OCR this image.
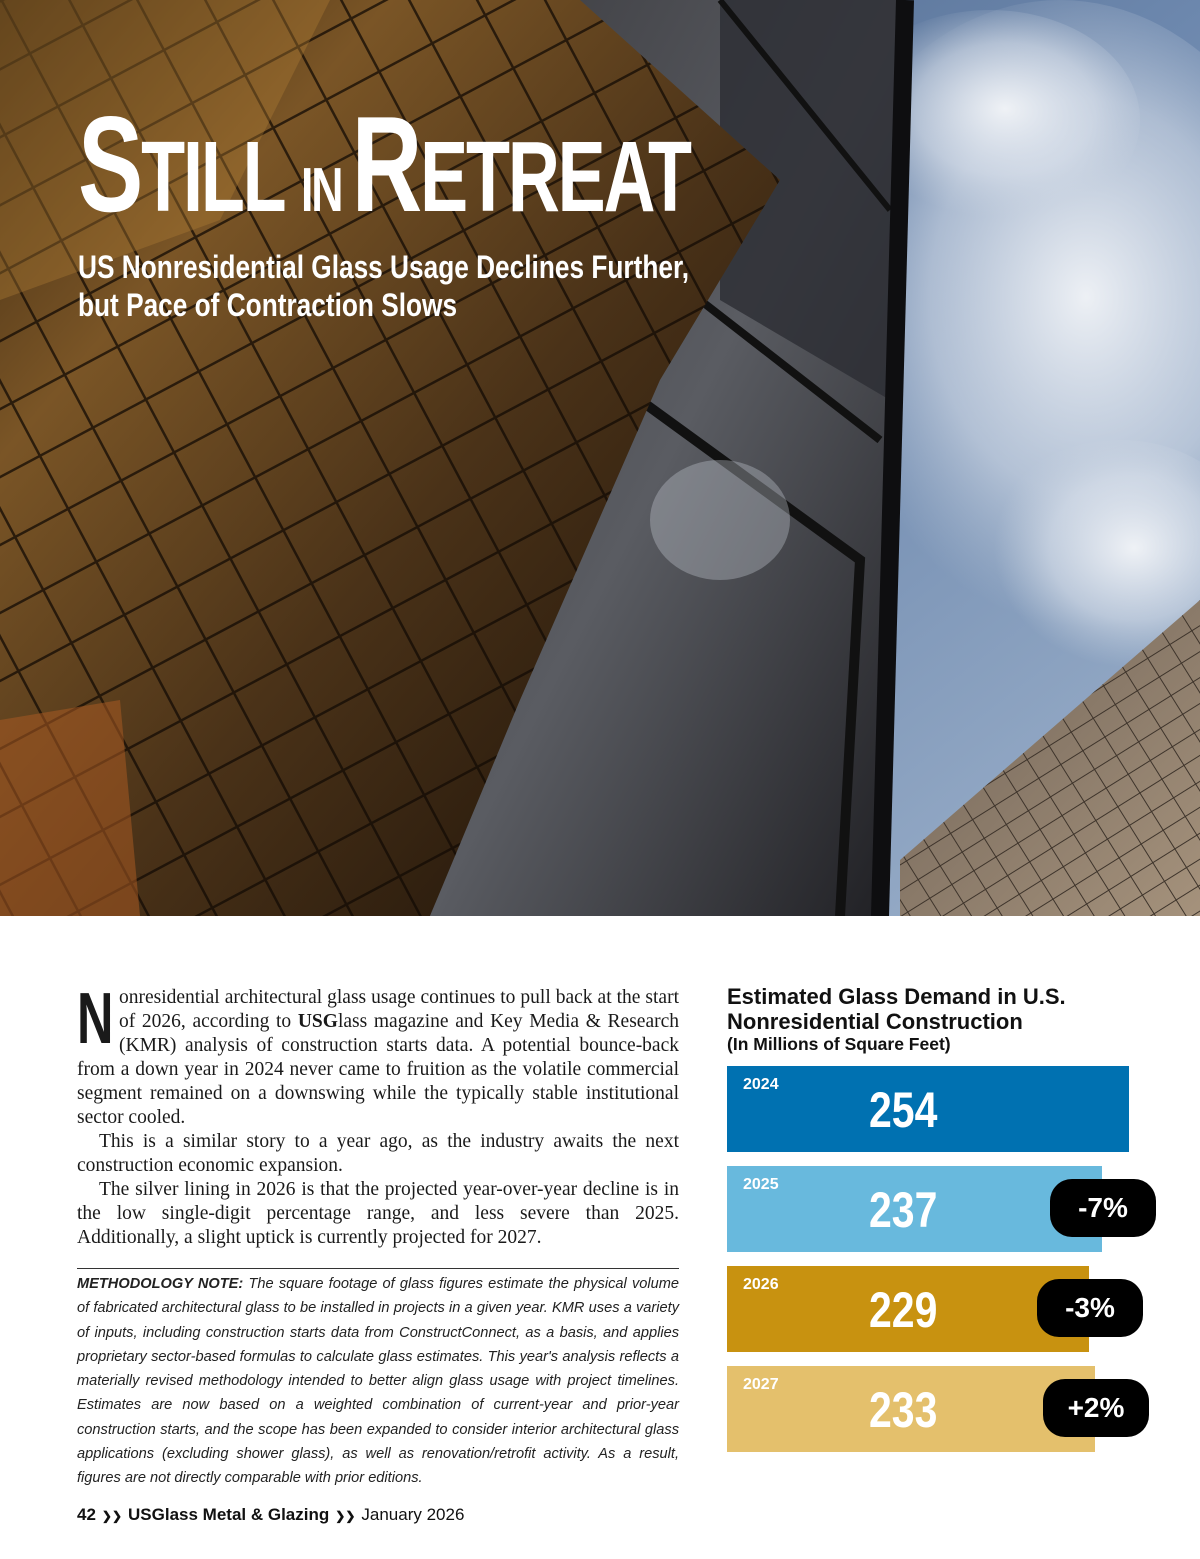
STILL IN RETREAT
US Nonresidential Glass Usage Declines Further,
but Pace of Contraction Slows

Nonresidential architectural glass usage continues to pull back at the start of 2026, according to USGlass magazine and Key Media & Research (KMR) analysis of construction starts data. A potential bounce-back from a down year in 2024 never came to fruition as the volatile commercial segment remained on a downswing while the typically stable institutional sector cooled.

This is a similar story to a year ago, as the industry awaits the next construction economic expansion.

The silver lining in 2026 is that the projected year-over-year decline is in the low single-digit percentage range, and less severe than 2025. Additionally, a slight uptick is currently projected for 2027.

METHODOLOGY NOTE: The square footage of glass figures estimate the physical volume of fabricated architectural glass to be installed in projects in a given year. KMR uses a variety of inputs, including construction starts data from ConstructConnect, as a basis, and applies proprietary sector-based formulas to calculate glass estimates. This year's analysis reflects a materially revised methodology intended to better align glass usage with project timelines. Estimates are now based on a weighted combination of current-year and prior-year construction starts, and the scope has been expanded to consider interior architectural glass applications (excluding shower glass), as well as renovation/retrofit activity. As a result, figures are not directly comparable with prior editions.

Estimated Glass Demand in U.S.
Nonresidential Construction

(In Millions of Square Feet)

2024 254
2025 237	-7%
2026 229	-3%
2027 233	+2%

42 ❯❯ USGlass Metal & Glazing ❯❯ January 2026
